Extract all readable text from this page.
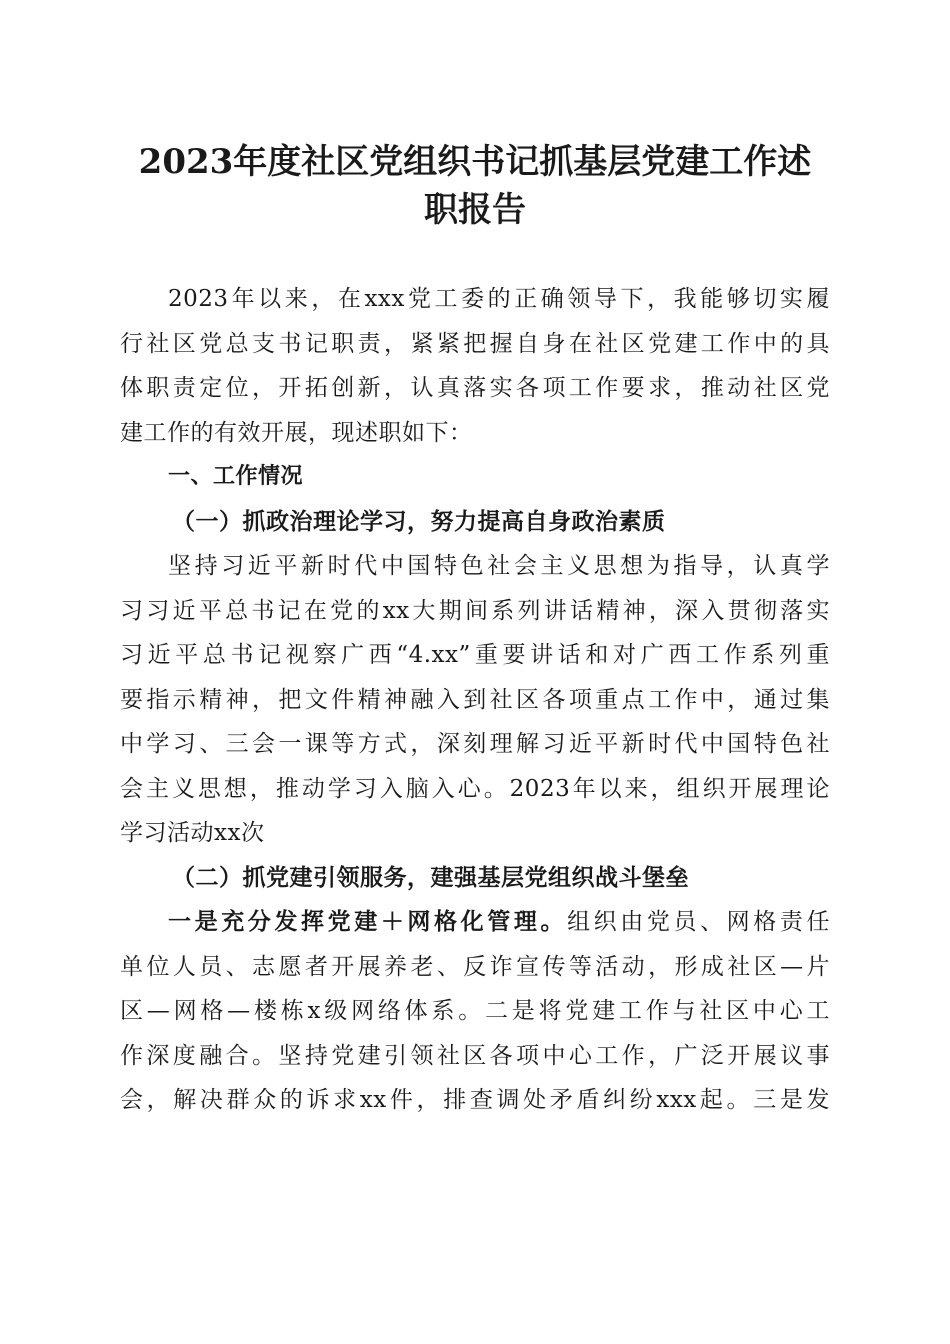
2023年度社区党组织书记抓基层党建工作述
职报告
2023年以来，在xxx党工委的正确领导下，我能够切实履
行社区党总支书记职责，紧紧把握自身在社区党建工作中的具
体职责定位，开拓创新，认真落实各项工作要求，推动社区党
建工作的有效开展，现述职如下：
一、工作情况
（一）抓政治理论学习，努力提高自身政治素质
坚持习近平新时代中国特色社会主义思想为指导，认真学
习习近平总书记在党的xx大期间系列讲话精神，深入贯彻落实
习近平总书记视察广西“4.xx”重要讲话和对广西工作系列重
要指示精神，把文件精神融入到社区各项重点工作中，通过集
中学习、三会一课等方式，深刻理解习近平新时代中国特色社
会主义思想，推动学习入脑入心。2023年以来，组织开展理论
学习活动xx次
（二）抓党建引领服务，建强基层党组织战斗堡垒
一是充分发挥党建＋网格化管理。组织由党员、网格责任
单位人员、志愿者开展养老、反诈宣传等活动，形成社区—片
区—网格—楼栋x级网络体系。二是将党建工作与社区中心工
作深度融合。坚持党建引领社区各项中心工作，广泛开展议事
会，解决群众的诉求xx件，排查调处矛盾纠纷xxx起。三是发
